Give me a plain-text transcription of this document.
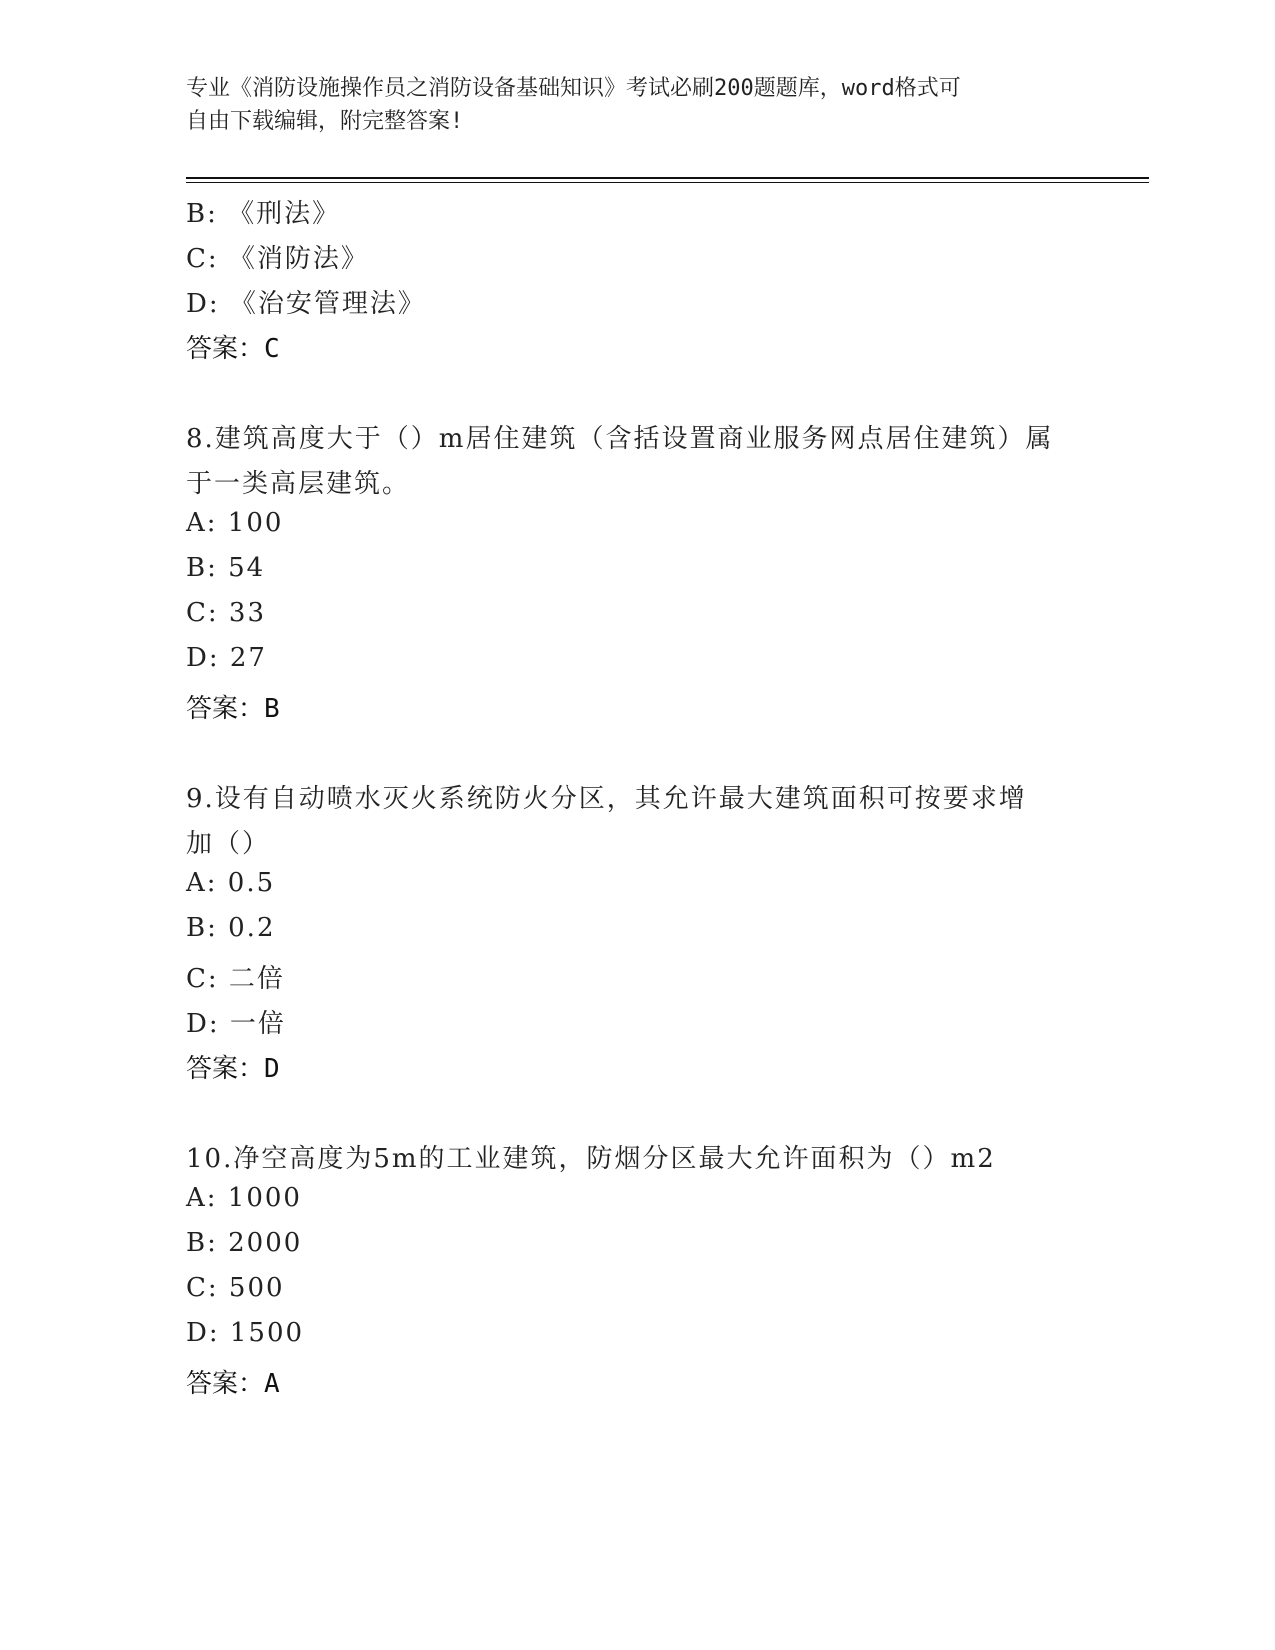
专业《消防设施操作员之消防设备基础知识》考试必刷200题题库，word格式可
自由下载编辑，附完整答案!
B: 《刑法》
C: 《消防法》
D: 《治安管理法》
答案：C
8.建筑高度大于（）m居住建筑（含括设置商业服务网点居住建筑）属
于一类高层建筑。
A: 100
B: 54
C: 33
D: 27
答案：B
9.设有自动喷水灭火系统防火分区，其允许最大建筑面积可按要求增
加（）
A: 0.5
B: 0.2
C: 二倍
D: 一倍
答案：D
10.净空高度为5m的工业建筑，防烟分区最大允许面积为（）m2
A: 1000
B: 2000
C: 500
D: 1500
答案：A
